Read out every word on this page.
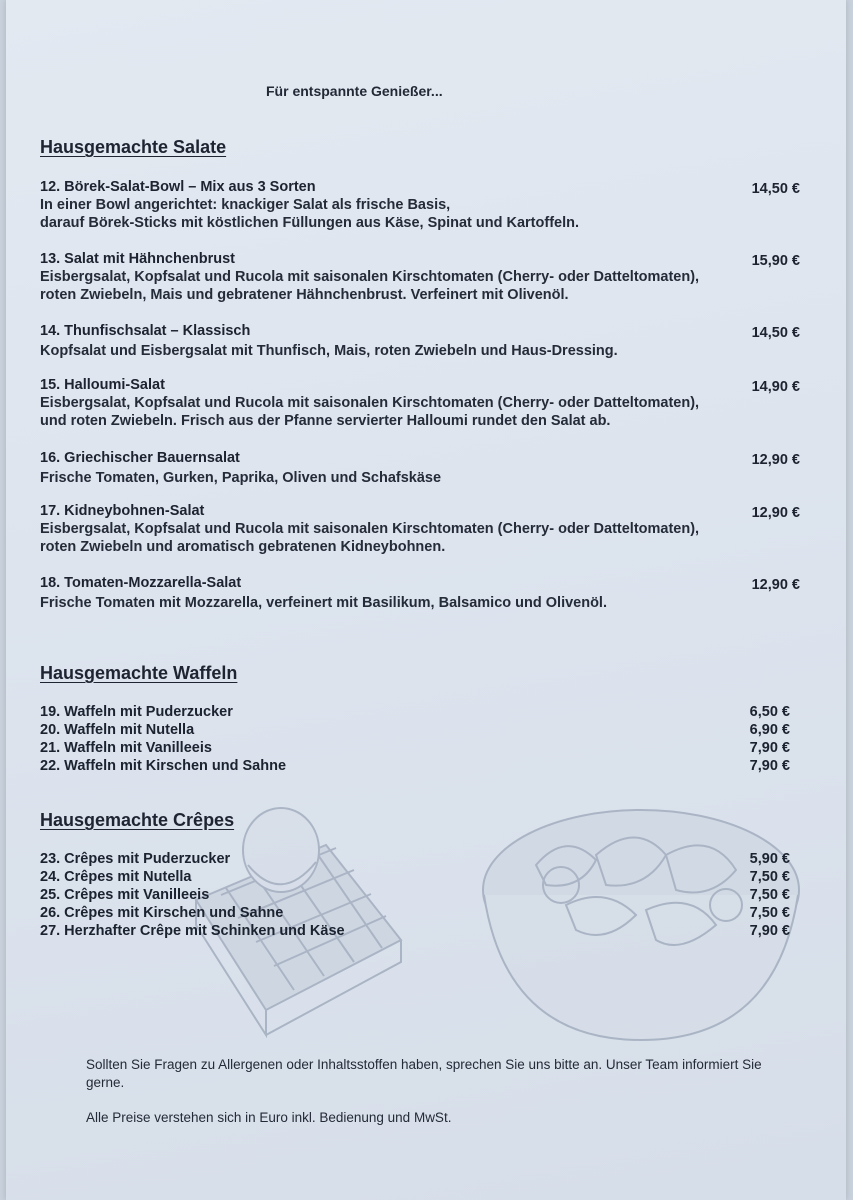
Für entspannte Genießer...
Hausgemachte Salate
12. Börek-Salat-Bowl – Mix aus 3 Sorten	14,50 €
In einer Bowl angerichtet: knackiger Salat als frische Basis,
darauf Börek-Sticks mit köstlichen Füllungen aus Käse, Spinat und Kartoffeln.
13. Salat mit Hähnchenbrust	15,90 €
Eisbergsalat, Kopfsalat und Rucola mit saisonalen Kirschtomaten (Cherry- oder Datteltomaten),
roten Zwiebeln, Mais und gebratener Hähnchenbrust. Verfeinert mit Olivenöl.
14. Thunfischsalat – Klassisch	14,50 €
Kopfsalat und Eisbergsalat mit Thunfisch, Mais, roten Zwiebeln und Haus-Dressing.
15. Halloumi-Salat	14,90 €
Eisbergsalat, Kopfsalat und Rucola mit saisonalen Kirschtomaten (Cherry- oder Datteltomaten),
und roten Zwiebeln. Frisch aus der Pfanne servierter Halloumi rundet den Salat ab.
16. Griechischer Bauernsalat	12,90 €
Frische Tomaten, Gurken, Paprika, Oliven und Schafskäse
17. Kidneybohnen-Salat	12,90 €
Eisbergsalat, Kopfsalat und Rucola mit saisonalen Kirschtomaten (Cherry- oder Datteltomaten),
roten Zwiebeln und aromatisch gebratenen Kidneybohnen.
18. Tomaten-Mozzarella-Salat	12,90 €
Frische Tomaten mit Mozzarella, verfeinert mit Basilikum, Balsamico und Olivenöl.
Hausgemachte Waffeln
19. Waffeln mit Puderzucker	6,50 €
20. Waffeln mit Nutella	6,90 €
21. Waffeln mit Vanilleeis	7,90 €
22. Waffeln mit Kirschen und Sahne	7,90 €
Hausgemachte Crêpes
23. Crêpes mit Puderzucker	5,90 €
24. Crêpes mit Nutella	7,50 €
25. Crêpes mit Vanilleeis	7,50 €
26. Crêpes mit Kirschen und Sahne	7,50 €
27. Herzhafter Crêpe mit Schinken und Käse	7,90 €
Sollten Sie Fragen zu Allergenen oder Inhaltsstoffen haben, sprechen Sie uns bitte an. Unser Team informiert Sie gerne.
Alle Preise verstehen sich in Euro inkl. Bedienung und MwSt.
